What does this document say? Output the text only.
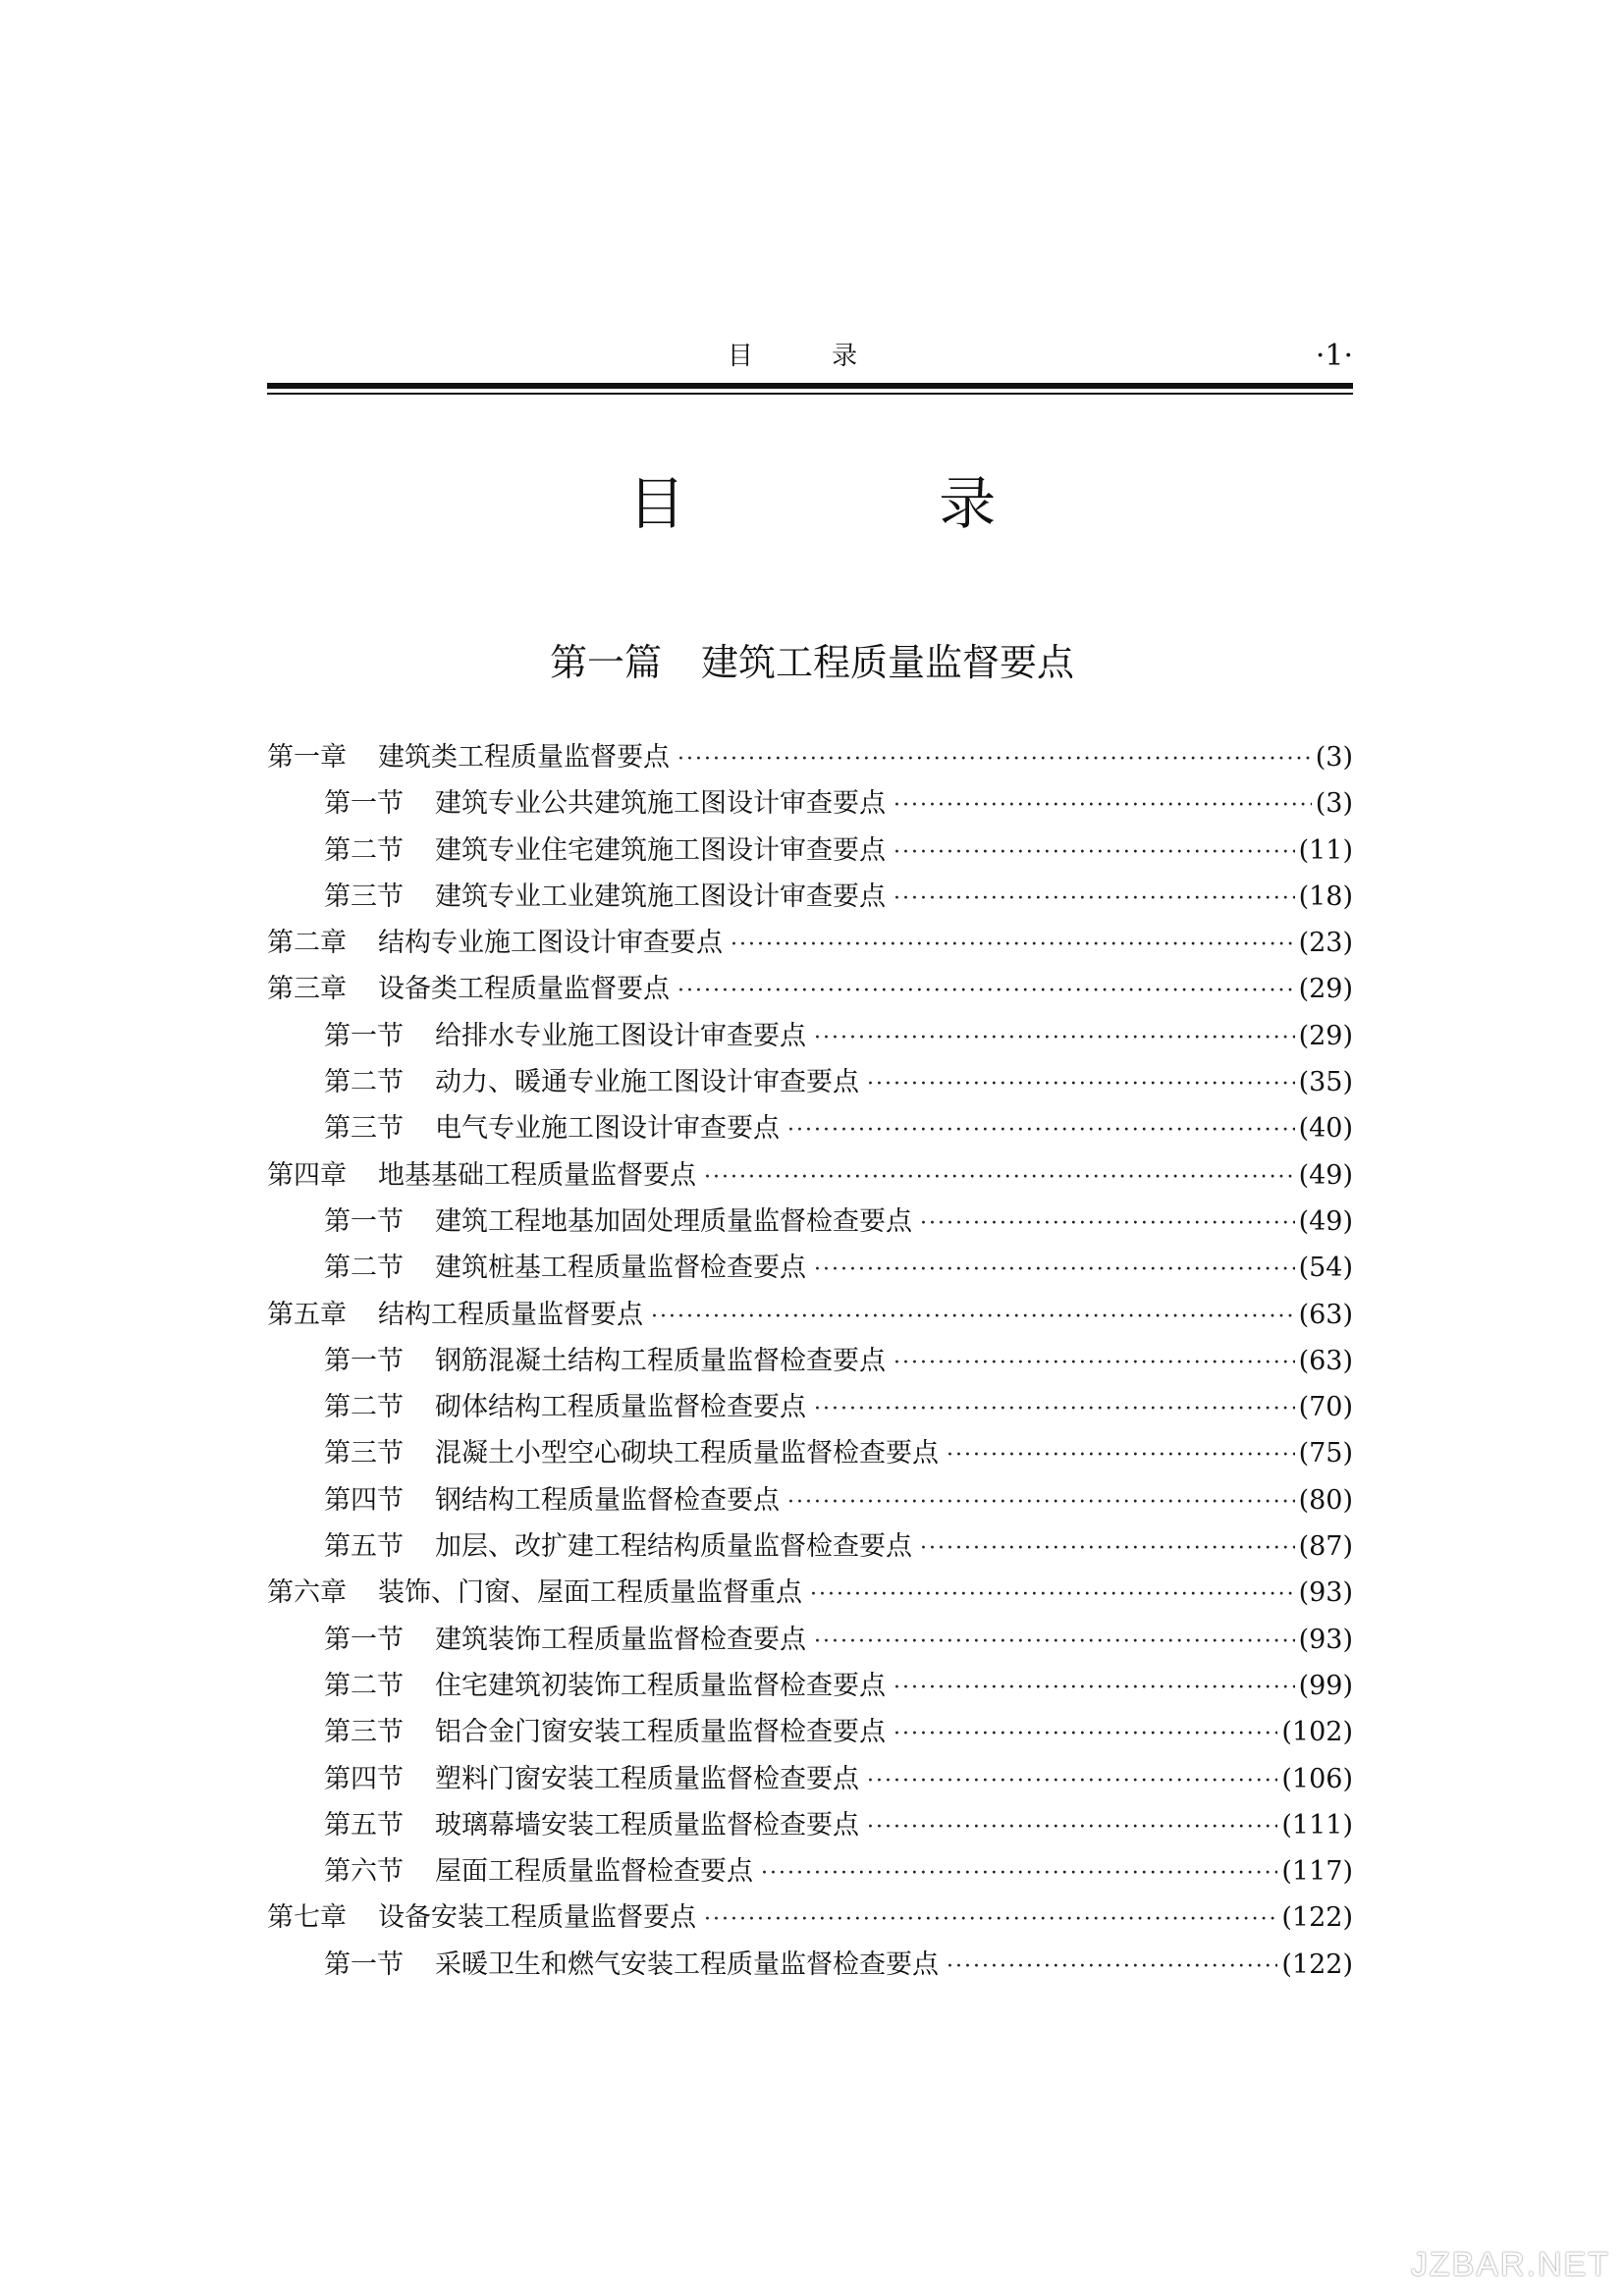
目 录	·1·
目 录
第一篇 建筑工程质量监督要点
第一章 建筑类工程质量监督要点 ·····	(3)
第一节 建筑专业公共建筑施工图设计审查要点 ·····	(3)
第二节 建筑专业住宅建筑施工图设计审查要点 ·····	(11)
第三节 建筑专业工业建筑施工图设计审查要点 ·····	(18)
第二章 结构专业施工图设计审查要点 ·····	(23)
第三章 设备类工程质量监督要点 ·····	(29)
第一节 给排水专业施工图设计审查要点 ·····	(29)
第二节 动力、暖通专业施工图设计审查要点 ·····	(35)
第三节 电气专业施工图设计审查要点 ·····	(40)
第四章 地基基础工程质量监督要点 ·····	(49)
第一节 建筑工程地基加固处理质量监督检查要点 ·····	(49)
第二节 建筑桩基工程质量监督检查要点 ·····	(54)
第五章 结构工程质量监督要点 ·····	(63)
第一节 钢筋混凝土结构工程质量监督检查要点 ·····	(63)
第二节 砌体结构工程质量监督检查要点 ·····	(70)
第三节 混凝土小型空心砌块工程质量监督检查要点 ·····	(75)
第四节 钢结构工程质量监督检查要点 ·····	(80)
第五节 加层、改扩建工程结构质量监督检查要点 ·····	(87)
第六章 装饰、门窗、屋面工程质量监督重点 ·····	(93)
第一节 建筑装饰工程质量监督检查要点 ·····	(93)
第二节 住宅建筑初装饰工程质量监督检查要点 ·····	(99)
第三节 铝合金门窗安装工程质量监督检查要点 ·····	(102)
第四节 塑料门窗安装工程质量监督检查要点 ·····	(106)
第五节 玻璃幕墙安装工程质量监督检查要点 ·····	(111)
第六节 屋面工程质量监督检查要点 ·····	(117)
第七章 设备安装工程质量监督要点 ·····	(122)
第一节 采暖卫生和燃气安装工程质量监督检查要点 ·····	(122)
JZBAR.NET
